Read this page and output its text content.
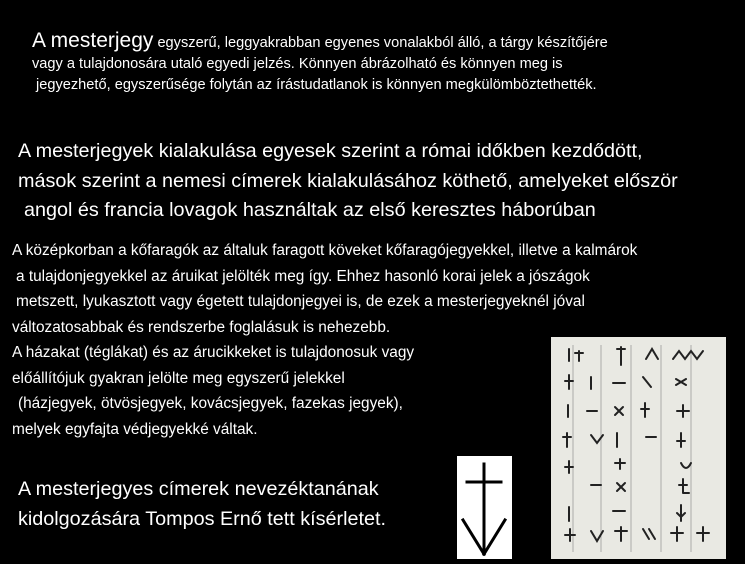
A mesterjegy egyszerű, leggyakrabban egyenes vonalakból álló, a tárgy készítőjére
vagy a tulajdonosára utaló egyedi jelzés. Könnyen ábrázolható és könnyen meg is
jegyezhető, egyszerűsége folytán az írástudatlanok is könnyen megkülömböztethették.
A mesterjegyek kialakulása egyesek szerint a római időkben kezdődött,
mások szerint a nemesi címerek kialakulásához köthető, amelyeket először
angol és francia lovagok használtak az első keresztes háborúban
A középkorban a kőfaragók az általuk faragott köveket kőfaragójegyekkel, illetve a kalmárok
a tulajdonjegyekkel az áruikat jelölték meg így. Ehhez hasonló korai jelek a jószágok
metszett, lyukasztott vagy égetett tulajdonjegyei is, de ezek a mesterjegyeknél jóval
változatosabbak és rendszerbe foglalásuk is nehezebb.
A házakat (téglákat) és az árucikkeket is tulajdonosuk vagy
előállítójuk gyakran jelölte meg egyszerű jelekkel
(házjegyek, ötvösjegyek, kovácsjegyek, fazekas jegyek),
melyek egyfajta védjegyekké váltak.
A mesterjegyes címerek nevezéktanának
kidolgozására Tompos Ernő tett kísérletet.
